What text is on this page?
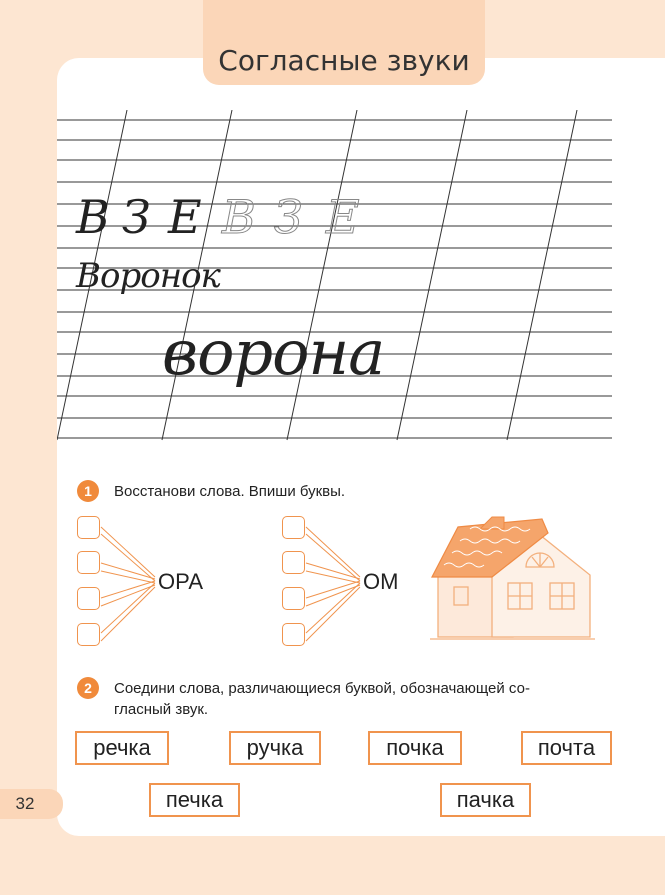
Согласные звуки
В З Е В З Е
Воронок
ворона
1	Восстанови слова. Впиши буквы.
ОРА	ОМ
2	Соедини слова, различающиеся буквой, обозначающей со-
гласный звук.
речка	ручка	почка	почта
печка	пачка
32
